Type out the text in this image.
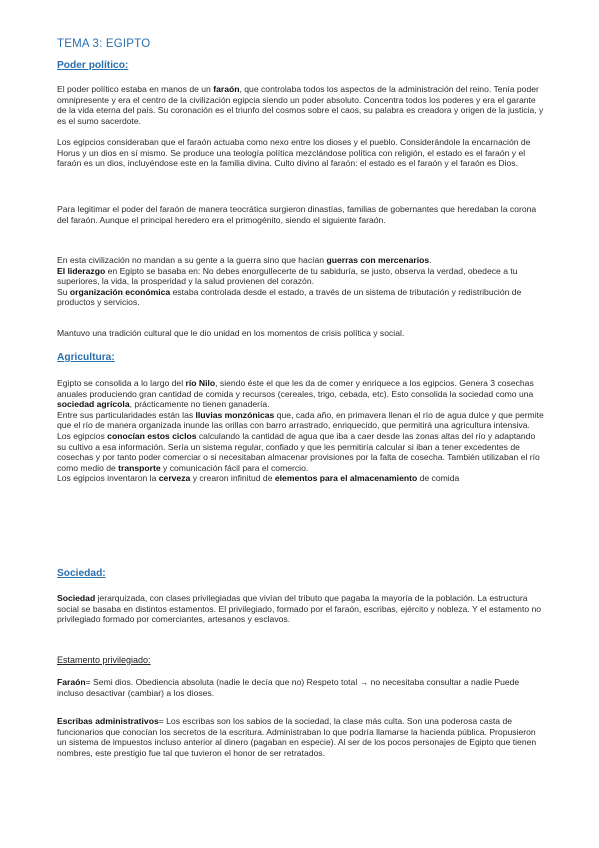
TEMA 3: EGIPTO
Poder político:

El poder político estaba en manos de un faraón, que controlaba todos los aspectos de la administración del reino. Tenía poder omnipresente y era el centro de la civilización egipcia siendo un poder absoluto. Concentra todos los poderes y era el garante de la vida eterna del país. Su coronación es el triunfo del cosmos sobre el caos, su palabra es creadora y origen de la justicia, y es el sumo sacerdote.

Los egipcios consideraban que el faraón actuaba como nexo entre los dioses y el pueblo. Considerándole la encarnación de Horus y un dios en sí mismo. Se produce una teología política mezclándose política con religión, el estado es el faraón y el faraón es un dios, incluyéndose este en la familia divina. Culto divino al faraón: el estado es el faraón y el faraón es Dios.

Para legitimar el poder del faraón de manera teocrática surgieron dinastías, familias de gobernantes que heredaban la corona del faraón. Aunque el principal heredero era el primogénito, siendo el siguiente faraón.

En esta civilización no mandan a su gente a la guerra sino que hacían guerras con mercenarios.

El liderazgo en Egipto se basaba en: No debes enorgullecerte de tu sabiduría, se justo, observa la verdad, obedece a tu superiores, la vida, la prosperidad y la salud provienen del corazón.

Su organización económica estaba controlada desde el estado, a través de un sistema de tributación y redistribución de productos y servicios.

Mantuvo una tradición cultural que le dio unidad en los momentos de crisis política y social.

Agricultura:

Egipto se consolida a lo largo del río Nilo, siendo éste el que les da de comer y enriquece a los egipcios. Genera 3 cosechas anuales produciendo gran cantidad de comida y recursos (cereales, trigo, cebada, etc). Esto consolida la sociedad como una sociedad agrícola, prácticamente no tienen ganadería.

Entre sus particularidades están las lluvias monzónicas que, cada año, en primavera llenan el río de agua dulce y que permite que el río de manera organizada inunde las orillas con barro arrastrado, enriquecido, que permitirá una agricultura intensiva. Los egipcios conocían estos ciclos calculando la cantidad de agua que iba a caer desde las zonas altas del río y adaptando su cultivo a esa información. Sería un sistema regular, confiado y que les permitiría calcular si iban a tener excedentes de cosechas y por tanto poder comerciar o si necesitaban almacenar provisiones por la falta de cosecha. También utilizaban el río como medio de transporte y comunicación fácil para el comercio.

Los egipcios inventaron la cerveza y crearon infinitud de elementos para el almacenamiento de comida

Sociedad:

Sociedad jerarquizada, con clases privilegiadas que vivían del tributo que pagaba la mayoría de la población. La estructura social se basaba en distintos estamentos. El privilegiado, formado por el faraón, escribas, ejército y nobleza. Y el estamento no privilegiado formado por comerciantes, artesanos y esclavos.

Estamento privilegiado:

Faraón= Semi dios. Obediencia absoluta (nadie le decía que no) Respeto total → no necesitaba consultar a nadie Puede incluso desactivar (cambiar) a los dioses.

Escribas administrativos= Los escribas son los sabios de la sociedad, la clase más culta. Son una poderosa casta de funcionarios que conocían los secretos de la escritura. Administraban lo que podría llamarse la hacienda pública. Propusieron un sistema de impuestos incluso anterior al dinero (pagaban en especie). Al ser de los pocos personajes de Egipto que tienen nombres, este prestigio fue tal que tuvieron el honor de ser retratados.
